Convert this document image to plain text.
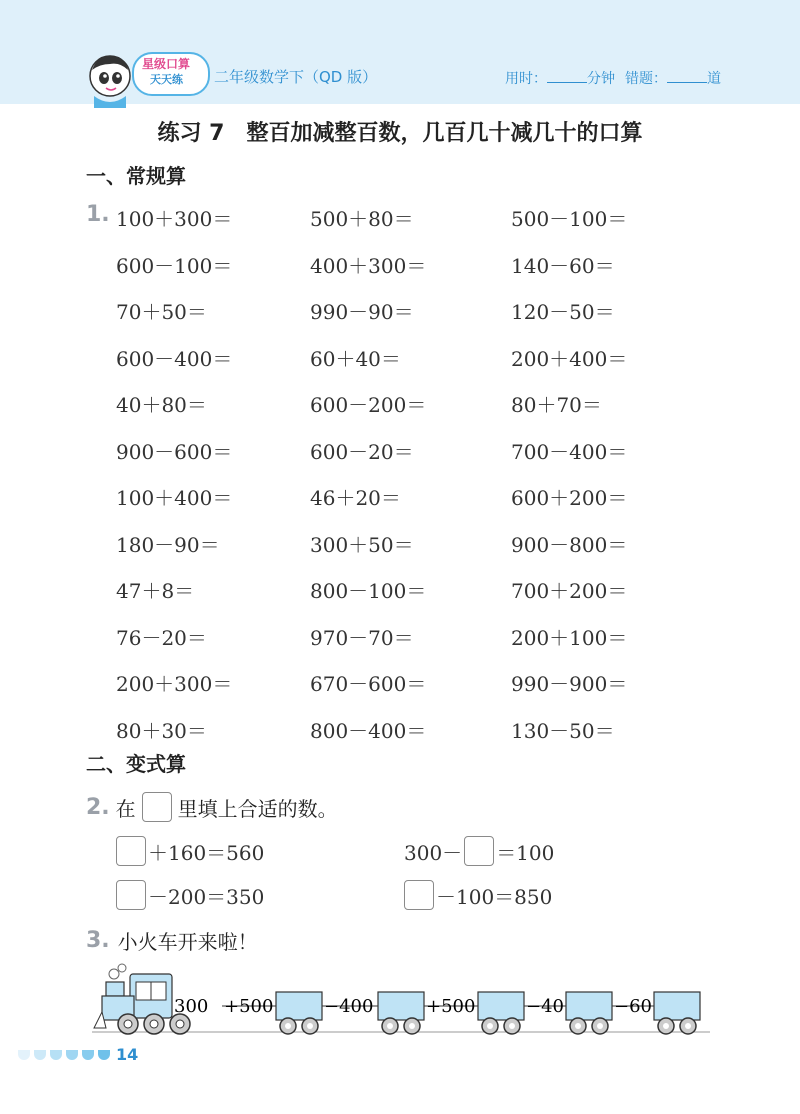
星级口算
天天练 二年级数学下（QD 版）	用时：	分钟 错题：	道
练习 7　整百加减整百数，几百几十减几十的口算
一、常规算
1. 100＋300＝	500＋80＝	500－100＝
600－100＝	400＋300＝	140－60＝
70＋50＝	990－90＝	120－50＝
600－400＝	60＋40＝	200＋400＝
40＋80＝	600－200＝	80＋70＝
900－600＝	600－20＝	700－400＝
100＋400＝	46＋20＝	600＋200＝
180－90＝	300＋50＝	900－800＝
47＋8＝	800－100＝	700＋200＝
76－20＝	970－70＝	200＋100＝
200＋300＝	670－600＝	990－900＝
80＋30＝	800－400＝	130－50＝
二、变式算
2. 在 里填上合适的数。
＋160＝560	300－ ＝100
－200＝350	－100＝850
3. 小火车开来啦！
300 +500	−400	+500	−40	−60
14
